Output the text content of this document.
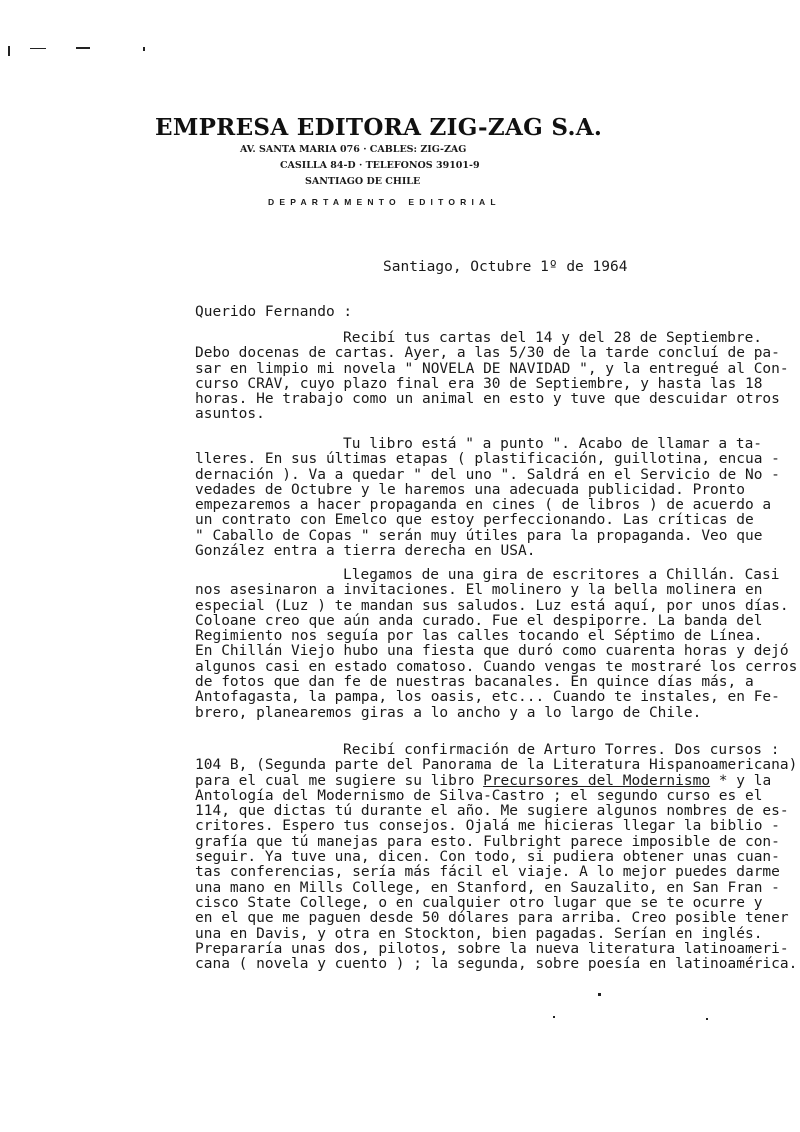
EMPRESA EDITORA ZIG-ZAG S.A.
AV. SANTA MARIA 076 · CABLES: ZIG-ZAG
CASILLA 84-D · TELEFONOS 39101-9
SANTIAGO DE CHILE
DEPARTAMENTO EDITORIAL
Santiago, Octubre 1º de 1964
Querido Fernando :
Recibí tus cartas del 14 y del 28 de Septiembre.
Debo docenas de cartas. Ayer, a las 5/30 de la tarde concluí de pa-
sar en limpio mi novela " NOVELA DE NAVIDAD ", y la entregué al Con-
curso CRAV, cuyo plazo final era 30 de Septiembre, y hasta las 18
horas. He trabajo como un animal en esto y tuve que descuidar otros
asuntos.
Tu libro está " a punto ". Acabo de llamar a ta-
lleres. En sus últimas etapas ( plastificación, guillotina, encua -
dernación ). Va a quedar " del uno ". Saldrá en el Servicio de No -
vedades de Octubre y le haremos una adecuada publicidad. Pronto
empezaremos a hacer propaganda en cines ( de libros ) de acuerdo a
un contrato con Emelco que estoy perfeccionando. Las críticas de
" Caballo de Copas " serán muy útiles para la propaganda. Veo que
González entra a tierra derecha en USA.
Llegamos de una gira de escritores a Chillán. Casi
nos asesinaron a invitaciones. El molinero y la bella molinera en
especial (Luz ) te mandan sus saludos. Luz está aquí, por unos días.
Coloane creo que aún anda curado. Fue el despiporre. La banda del
Regimiento nos seguía por las calles tocando el Séptimo de Línea.
En Chillán Viejo hubo una fiesta que duró como cuarenta horas y dejó
algunos casi en estado comatoso. Cuando vengas te mostraré los cerros
de fotos que dan fe de nuestras bacanales. En quince días más, a
Antofagasta, la pampa, los oasis, etc... Cuando te instales, en Fe-
brero, planearemos giras a lo ancho y a lo largo de Chile.
Recibí confirmación de Arturo Torres. Dos cursos :
104 B, (Segunda parte del Panorama de la Literatura Hispanoamericana)
para el cual me sugiere su libro Precursores del Modernismo * y la
Antología del Modernismo de Silva-Castro ; el segundo curso es el
114, que dictas tú durante el año. Me sugiere algunos nombres de es-
critores. Espero tus consejos. Ojalá me hicieras llegar la biblio -
grafía que tú manejas para esto. Fulbright parece imposible de con-
seguir. Ya tuve una, dicen. Con todo, si pudiera obtener unas cuan-
tas conferencias, sería más fácil el viaje. A lo mejor puedes darme
una mano en Mills College, en Stanford, en Sauzalito, en San Fran -
cisco State College, o en cualquier otro lugar que se te ocurre y
en el que me paguen desde 50 dólares para arriba. Creo posible tener
una en Davis, y otra en Stockton, bien pagadas. Serían en inglés.
Prepararía unas dos, pilotos, sobre la nueva literatura latinoameri-
cana ( novela y cuento ) ; la segunda, sobre poesía en latinoamérica.
